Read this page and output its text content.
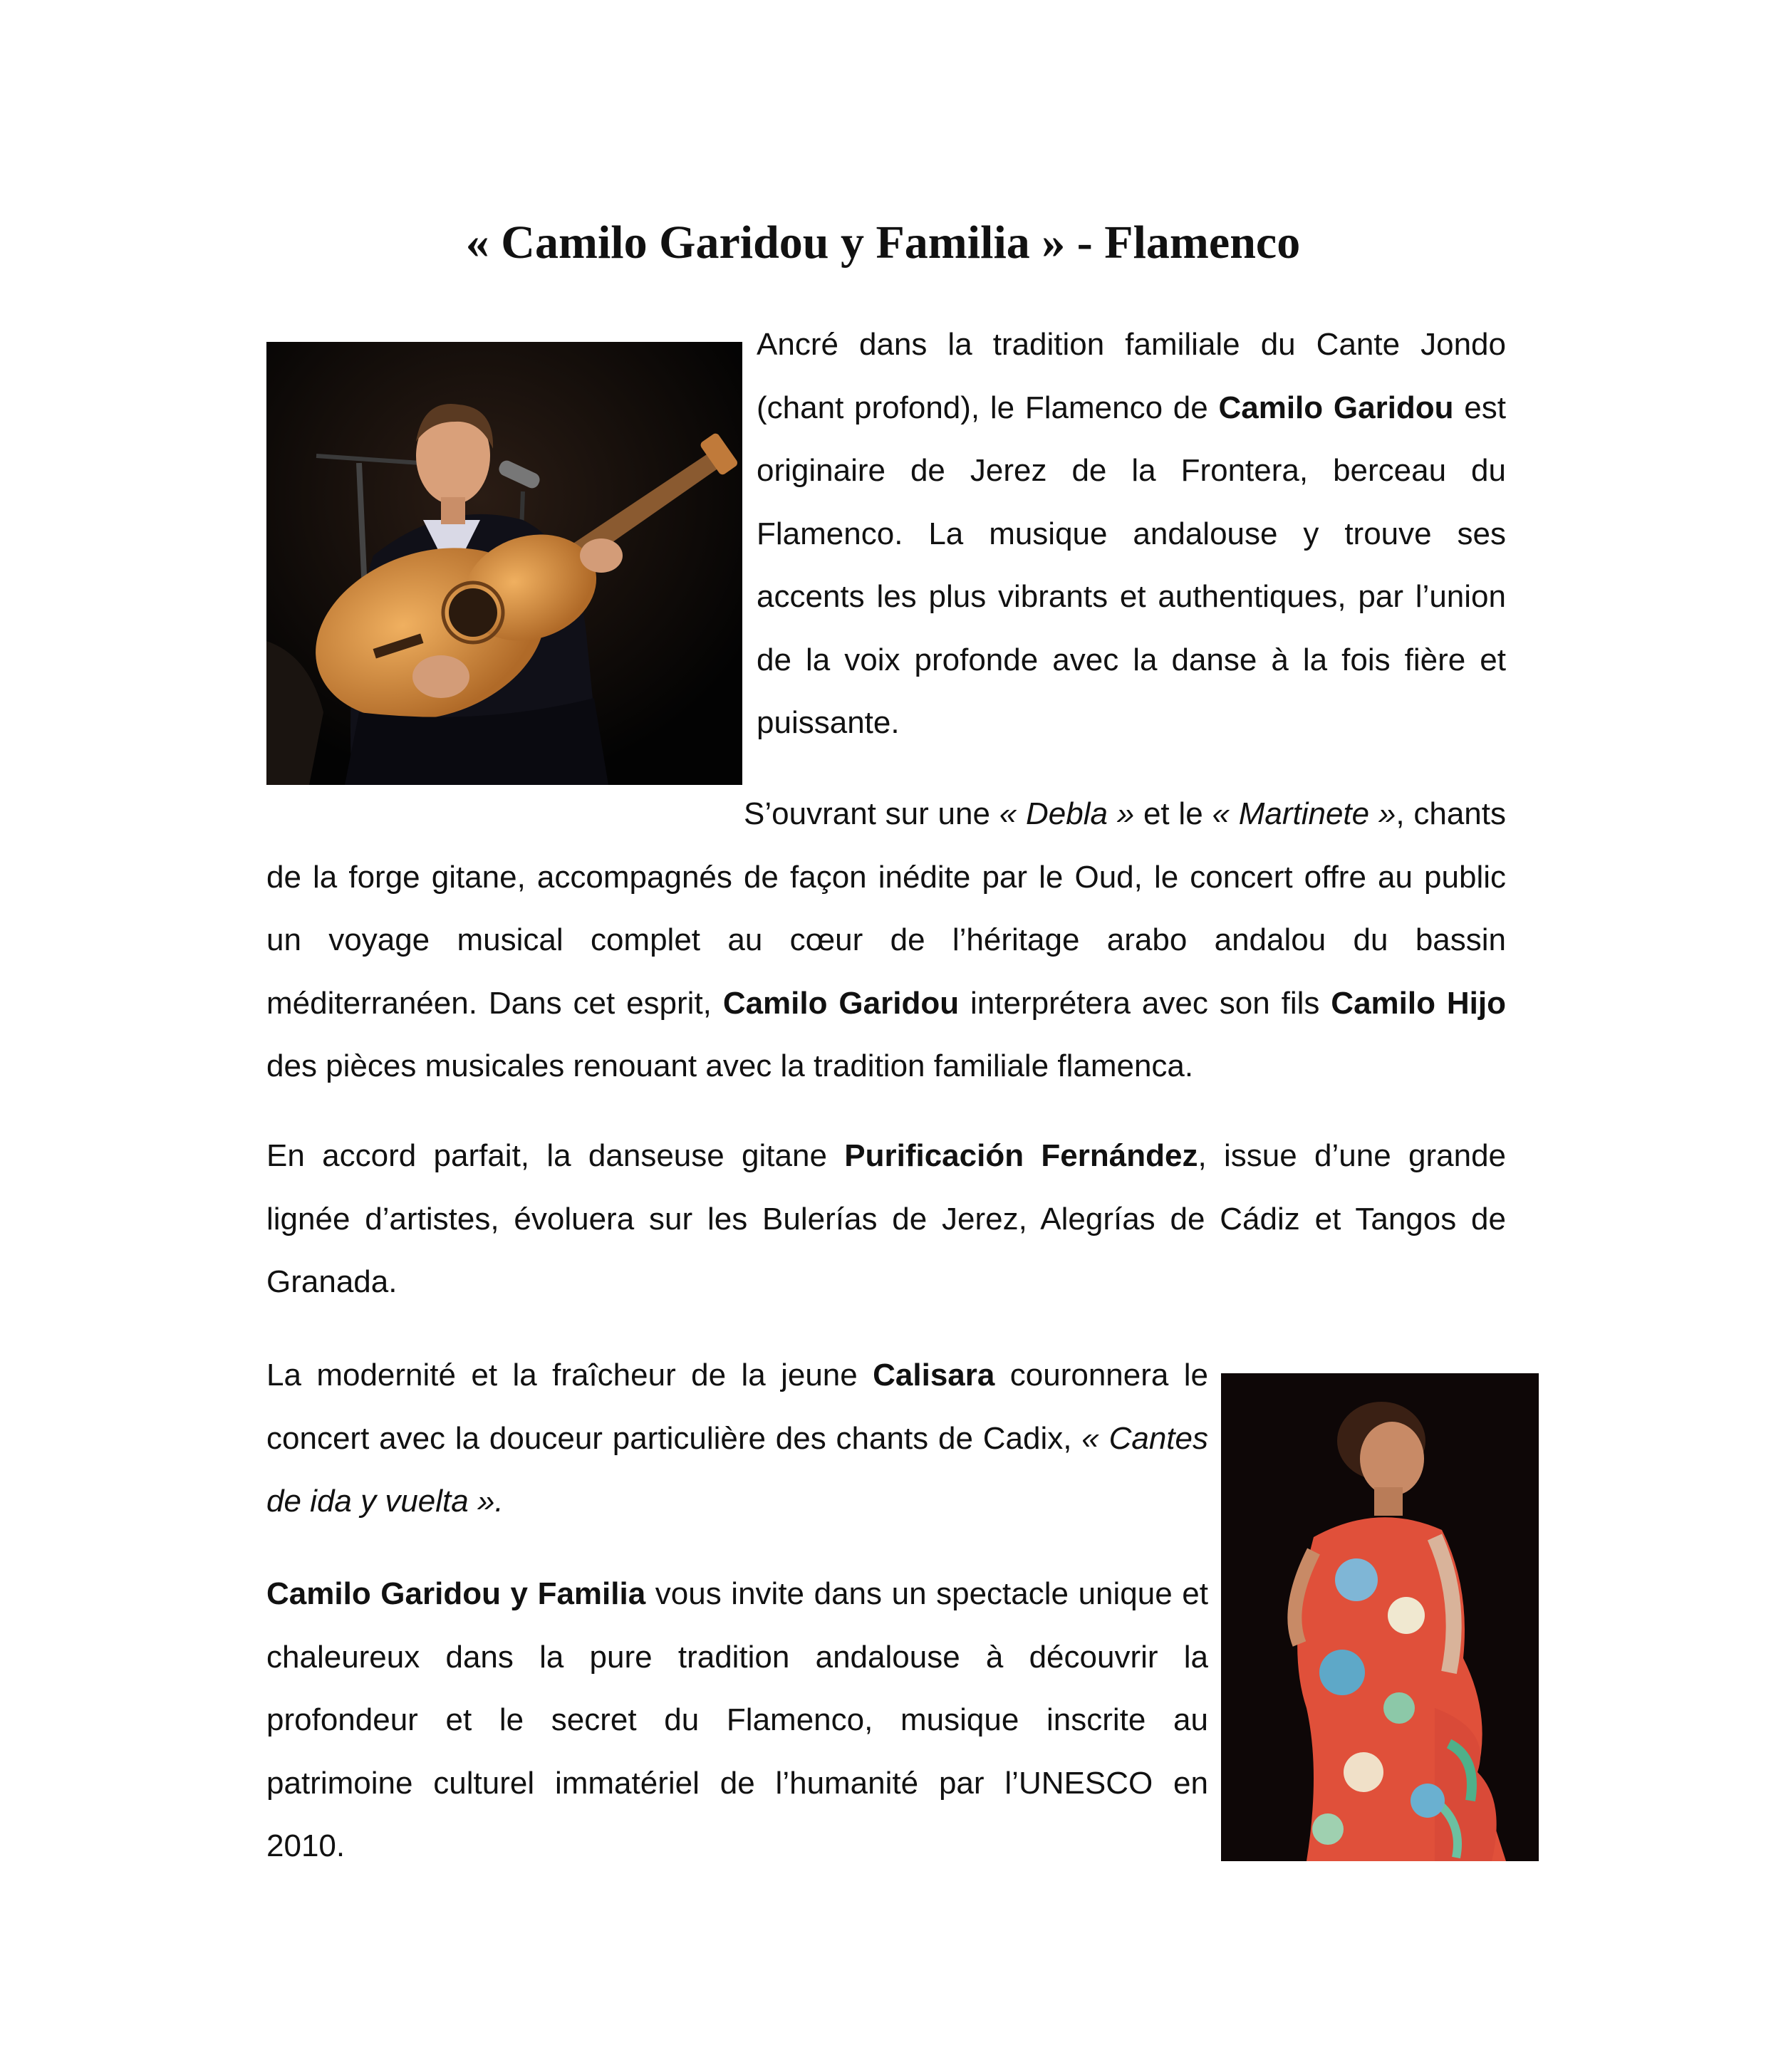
« Camilo Garidou y Familia » - Flamenco

Ancré dans la tradition familiale du Cante Jondo (chant profond), le Flamenco de Camilo Garidou est originaire de Jerez de la Frontera, berceau du Flamenco. La musique andalouse y trouve ses accents les plus vibrants et authentiques, par l’union de la voix profonde avec la danse à la fois fière et puissante.

S’ouvrant sur une « Debla » et le « Martinete », chants de la forge gitane, accompagnés de façon inédite par le Oud, le concert offre au public un voyage musical complet au cœur de l’héritage arabo andalou du bassin méditerranéen. Dans cet esprit, Camilo Garidou interprétera avec son fils Camilo Hijo des pièces musicales renouant avec la tradition familiale flamenca.

En accord parfait, la danseuse gitane Purificación Fernández, issue d’une grande lignée d’artistes, évoluera sur les Bulerías de Jerez, Alegrías de Cádiz et Tangos de Granada.

La modernité et la fraîcheur de la jeune Calisara couronnera le concert avec la douceur particulière des chants de Cadix, « Cantes de ida y vuelta ».

Camilo Garidou y Familia vous invite dans un spectacle unique et chaleureux dans la pure tradition andalouse à découvrir la profondeur et le secret du Flamenco, musique inscrite au patrimoine culturel immatériel de l’humanité par l’UNESCO en 2010.
